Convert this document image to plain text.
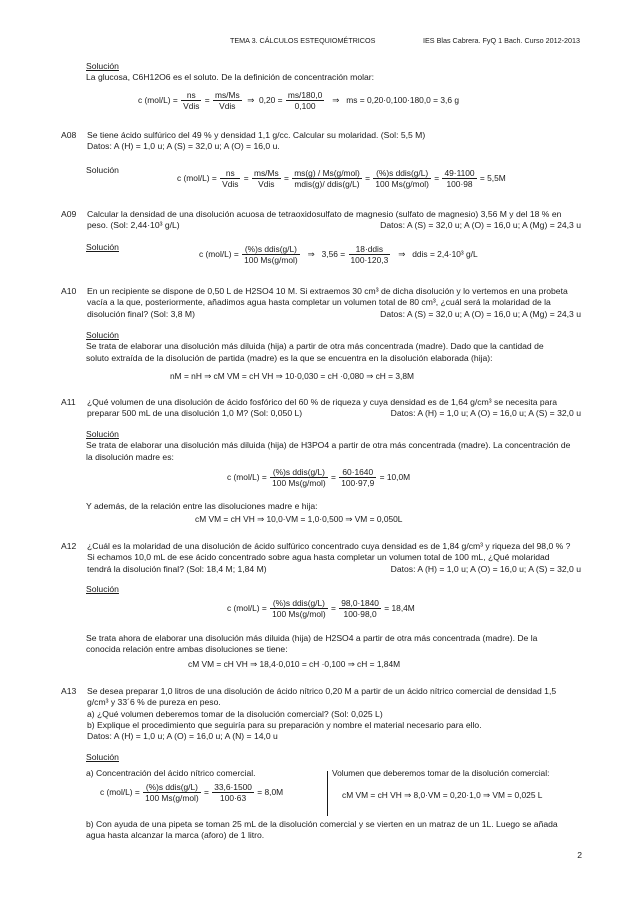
TEMA 3. CÁLCULOS ESTEQUIOMÉTRICOS	IES Blas Cabrera. FyQ 1 Bach. Curso 2012-2013
Solución
La glucosa, C6H12O6 es el soluto. De la definición de concentración molar:
c $(mol/L) = \frac{ns}{\text{Vdis}} = \frac{ms/Ms}{\text{Vdis}}$ ⇒ $0,20 = \frac{ms/180,0}{0,100}$ ⇒ ms = 0,20·0,100·180,0 = 3,6 g
A08	Se tiene ácido sulfúrico del 49 % y densidad 1,1 g/cc. Calcular su molaridad. (Sol: 5,5 M)
Datos: A (H) = 1,0 u; A (S) = 32,0 u; A (O) = 16,0 u.
Solución
c $(mol/L) = \frac{ns}{\text{Vdis}} = \frac{ms/Ms}{\text{Vdis}} = \frac{\text{ms(g) / Ms(g/mol)}}{\text{mdis(g)/ ddis(g/L)}} = \frac{\text{(\%)s ddis(g/L)}}{\text{100 Ms(g/mol)}} = \frac{49\cdot 1100}{100\cdot 98} = 5,5M$
A09	Calcular la densidad de una disolución acuosa de tetraoxidosulfato de magnesio (sulfato de magnesio) 3,56 M y del 18 % en
peso. (Sol: 2,44·10³ g/L)	Datos: A (S) = 32,0 u; A (O) = 16,0 u; A (Mg) = 24,3 u
Solución
c $(mol/L) = \frac{\text{(\%)s ddis(g/L)}}{\text{100 Ms(g/mol)}}$ ⇒ $3,56 = \frac{\text{18·ddis}}{100\cdot 120,3}$ ⇒ ddis = 2,4·10³ g/L
A10	En un recipiente se dispone de 0,50 L de H2SO4 10 M. Si extraemos 30 cm³ de dicha disolución y lo vertemos en una probeta
vacía a la que, posteriormente, añadimos agua hasta completar un volumen total de 80 cm³, ¿cuál será la molaridad de la
disolución final? (Sol: 3,8 M)	Datos: A (S) = 32,0 u; A (O) = 16,0 u; A (Mg) = 24,3 u
Solución
Se trata de elaborar una disolución más diluida (hija) a partir de otra más concentrada (madre). Dado que la cantidad de
soluto extraída de la disolución de partida (madre) es la que se encuentra en la disolución elaborada (hija):
nM = nH ⇒ cM VM = cH VH ⇒ 10·0,030 = cH ·0,080 ⇒ cH = 3,8M
A11	¿Qué volumen de una disolución de ácido fosfórico del 60 % de riqueza y cuya densidad es de 1,64 g/cm³ se necesita para
preparar 500 mL de una disolución 1,0 M? (Sol: 0,050 L)	Datos: A (H) = 1,0 u; A (O) = 16,0 u; A (S) = 32,0 u
Solución
Se trata de elaborar una disolución más diluida (hija) de H3PO4 a partir de otra más concentrada (madre). La concentración de
la disolución madre es:
c $(mol/L) = \frac{\text{(\%)s ddis(g/L)}}{\text{100 Ms(g/mol)}} = \frac{60\cdot 1640}{100\cdot 97,9} = 10,0M$
Y además, de la relación entre las disoluciones madre e hija:
cM VM = cH VH ⇒ 10,0·VM = 1,0·0,500 ⇒ VM = 0,050L
A12	¿Cuál es la molaridad de una disolución de ácido sulfúrico concentrado cuya densidad es de 1,84 g/cm³ y riqueza del 98,0 % ?
Si echamos 10,0 mL de ese ácido concentrado sobre agua hasta completar un volumen total de 100 mL, ¿Qué molaridad
tendrá la disolución final? (Sol: 18,4 M; 1,84 M)	Datos: A (H) = 1,0 u; A (O) = 16,0 u; A (S) = 32,0 u
Solución
c $(mol/L) = \frac{\text{(\%)s ddis(g/L)}}{\text{100 Ms(g/mol)}} = \frac{98,0\cdot 1840}{100\cdot 98,0} = 18,4M$
Se trata ahora de elaborar una disolución más diluida (hija) de H2SO4 a partir de otra más concentrada (madre). De la
conocida relación entre ambas disoluciones se tiene:
cM VM = cH VH ⇒ 18,4·0,010 = cH ·0,100 ⇒ cH = 1,84M
A13	Se desea preparar 1,0 litros de una disolución de ácido nítrico 0,20 M a partir de un ácido nítrico comercial de densidad 1,5
g/cm³ y 33´6 % de pureza en peso.
a) ¿Qué volumen deberemos tomar de la disolución comercial? (Sol: 0,025 L)
b) Explique el procedimiento que seguiría para su preparación y nombre el material necesario para ello.
Datos: A (H) = 1,0 u; A (O) = 16,0 u; A (N) = 14,0 u
Solución
a) Concentración del ácido nítrico comercial.
c $(mol/L) = \frac{\text{(\%)s ddis(g/L)}}{\text{100 Ms(g/mol)}} = \frac{33,6\cdot 1500}{100\cdot 63} = 8,0M$
Volumen que deberemos tomar de la disolución comercial:
cM VM = cH VH ⇒ 8,0·VM = 0,20·1,0 ⇒ VM = 0,025 L
b) Con ayuda de una pipeta se toman 25 mL de la disolución comercial y se vierten en un matraz de un 1L. Luego se añada
agua hasta alcanzar la marca (aforo) de 1 litro.
2
